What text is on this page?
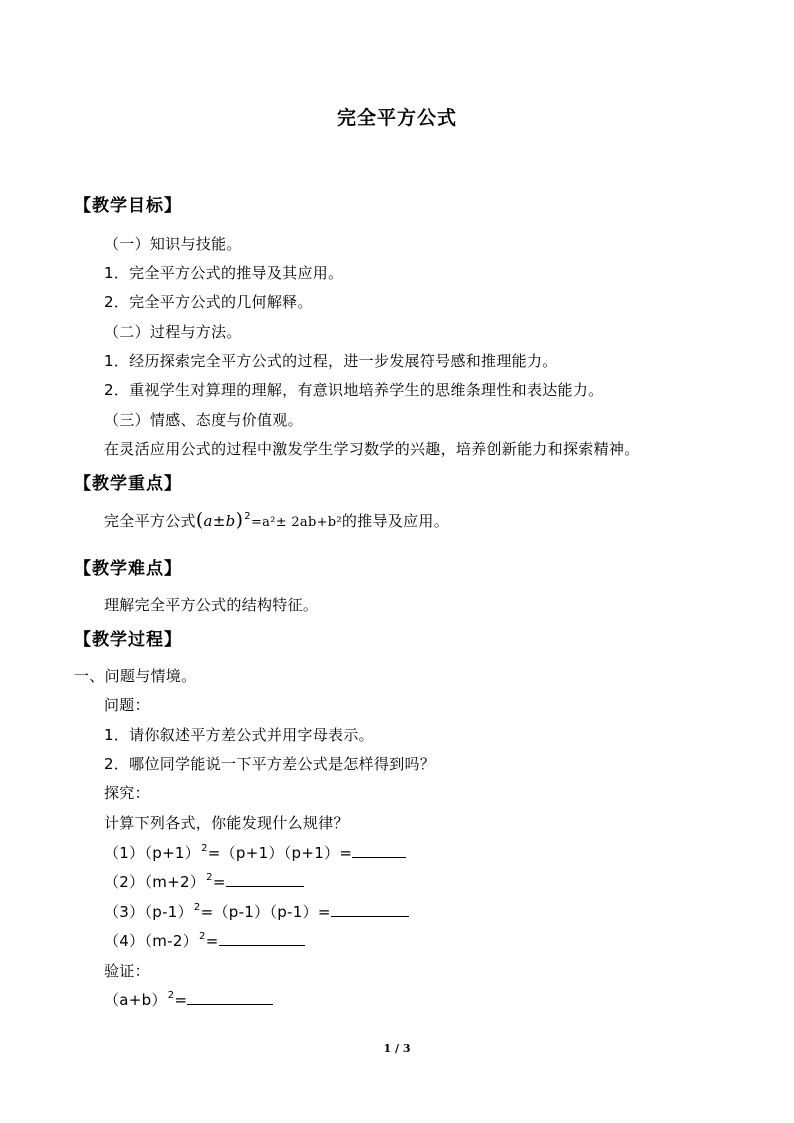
完全平方公式
【教学目标】
（一）知识与技能。
1．完全平方公式的推导及其应用。
2．完全平方公式的几何解释。
（二）过程与方法。
1．经历探索完全平方公式的过程，进一步发展符号感和推理能力。
2．重视学生对算理的理解，有意识地培养学生的思维条理性和表达能力。
（三）情感、态度与价值观。
在灵活应用公式的过程中激发学生学习数学的兴趣，培养创新能力和探索精神。
【教学重点】
完全平方公式$(a\pm b)^2=a^2\pm 2ab+b^2$的推导及应用。
【教学难点】
理解完全平方公式的结构特征。
【教学过程】
一、问题与情境。
问题：
1．请你叙述平方差公式并用字母表示。
2．哪位同学能说一下平方差公式是怎样得到吗？
探究：
计算下列各式，你能发现什么规律？
$(1)(p+1)^2=(p+1)(p+1)=$
$(2)(m+2)^2=$
$(3)(p-1)^2=(p-1)(p-1)=$
$(4)(m-2)^2=$
验证：
$(a+b)^2=$
1 / 3
